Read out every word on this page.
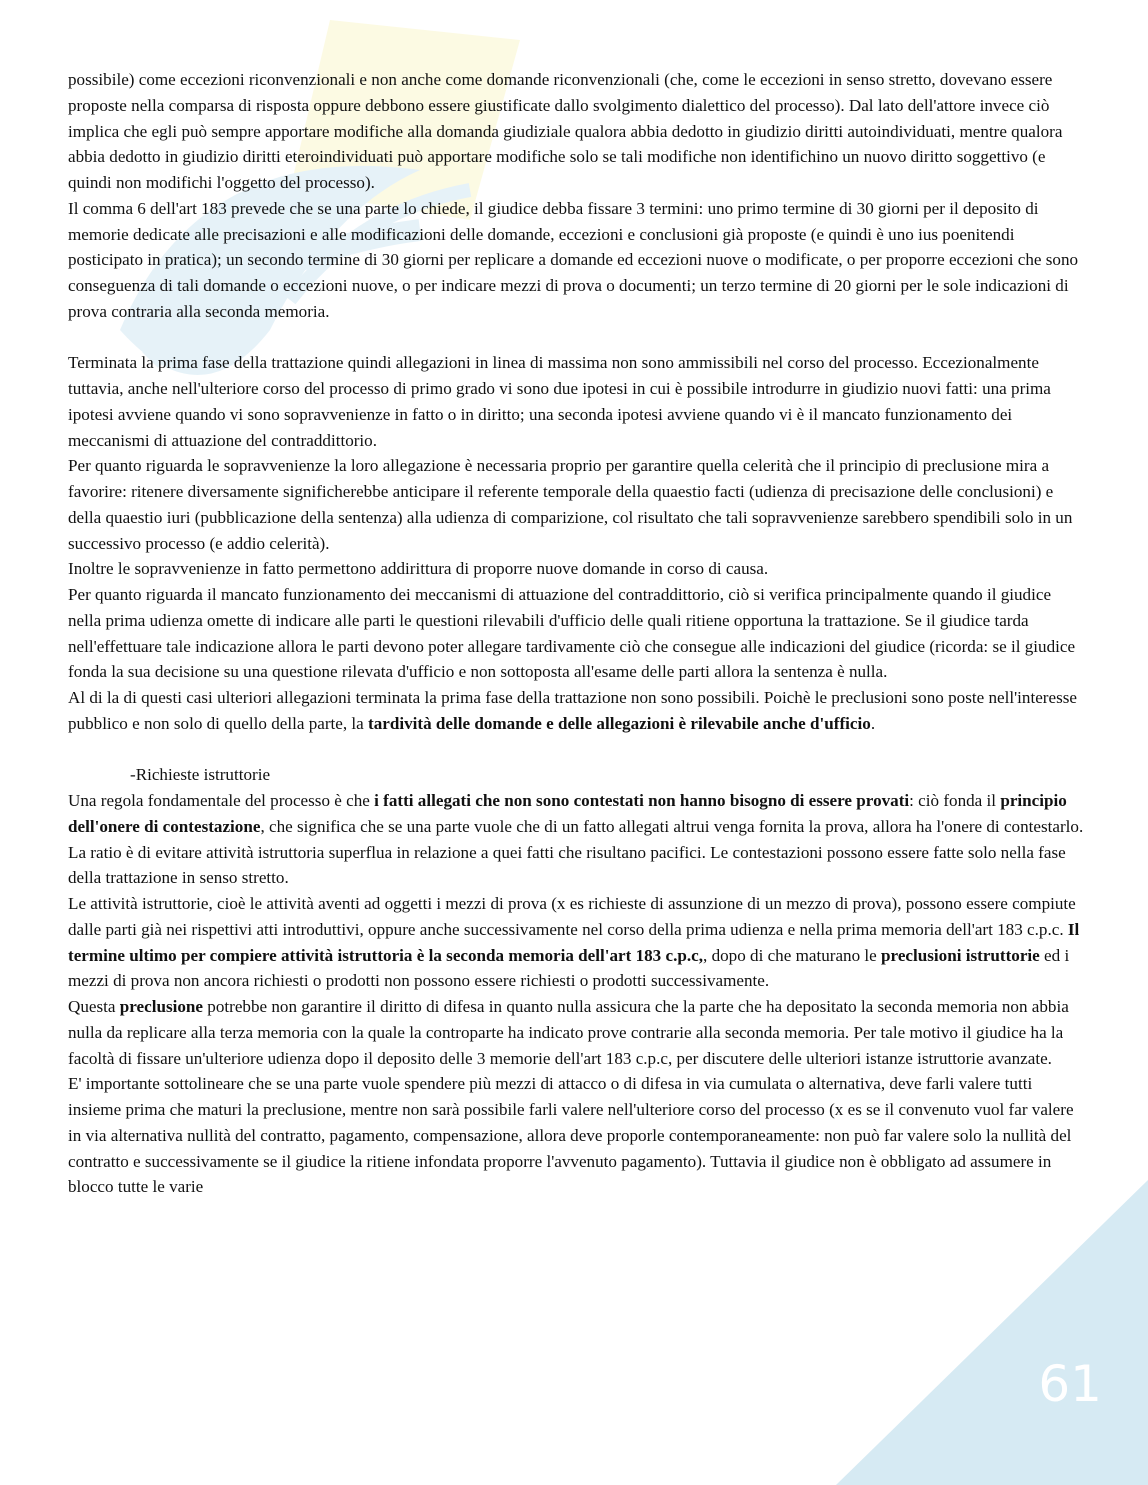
possibile) come eccezioni riconvenzionali e non anche come domande riconvenzionali (che, come le eccezioni in senso stretto, dovevano essere proposte nella comparsa di risposta oppure debbono essere giustificate dallo svolgimento dialettico del processo). Dal lato dell'attore invece ciò implica che egli può sempre apportare modifiche alla domanda giudiziale qualora abbia dedotto in giudizio diritti autoindividuati, mentre qualora abbia dedotto in giudizio diritti eteroindividuati può apportare modifiche solo se tali modifiche non identifichino un nuovo diritto soggettivo (e quindi non modifichi l'oggetto del processo).

Il comma 6 dell'art 183 prevede che se una parte lo chiede, il giudice debba fissare 3 termini: uno primo termine di 30 giorni per il deposito di memorie dedicate alle precisazioni e alle modificazioni delle domande, eccezioni e conclusioni già proposte (e quindi è uno ius poenitendi posticipato in pratica); un secondo termine di 30 giorni per replicare a domande ed eccezioni nuove o modificate, o per proporre eccezioni che sono conseguenza di tali domande o eccezioni nuove, o per indicare mezzi di prova o documenti; un terzo termine di 20 giorni per le sole indicazioni di prova contraria alla seconda memoria.

Terminata la prima fase della trattazione quindi allegazioni in linea di massima non sono ammissibili nel corso del processo. Eccezionalmente tuttavia, anche nell'ulteriore corso del processo di primo grado vi sono due ipotesi in cui è possibile introdurre in giudizio nuovi fatti: una prima ipotesi avviene quando vi sono sopravvenienze in fatto o in diritto; una seconda ipotesi avviene quando vi è il mancato funzionamento dei meccanismi di attuazione del contraddittorio.

Per quanto riguarda le sopravvenienze la loro allegazione è necessaria proprio per garantire quella celerità che il principio di preclusione mira a favorire: ritenere diversamente significherebbe anticipare il referente temporale della quaestio facti (udienza di precisazione delle conclusioni) e della quaestio iuri (pubblicazione della sentenza) alla udienza di comparizione, col risultato che tali sopravvenienze sarebbero spendibili solo in un successivo processo (e addio celerità).

Inoltre le sopravvenienze in fatto permettono addirittura di proporre nuove domande in corso di causa.

Per quanto riguarda il mancato funzionamento dei meccanismi di attuazione del contraddittorio, ciò si verifica principalmente quando il giudice nella prima udienza omette di indicare alle parti le questioni rilevabili d'ufficio delle quali ritiene opportuna la trattazione. Se il giudice tarda nell'effettuare tale indicazione allora le parti devono poter allegare tardivamente ciò che consegue alle indicazioni del giudice (ricorda: se il giudice fonda la sua decisione su una questione rilevata d'ufficio e non sottoposta all'esame delle parti allora la sentenza è nulla.

Al di la di questi casi ulteriori allegazioni terminata la prima fase della trattazione non sono possibili. Poichè le preclusioni sono poste nell'interesse pubblico e non solo di quello della parte, la tardività delle domande e delle allegazioni è rilevabile anche d'ufficio.

-Richieste istruttorie

Una regola fondamentale del processo è che i fatti allegati che non sono contestati non hanno bisogno di essere provati: ciò fonda il principio dell'onere di contestazione, che significa che se una parte vuole che di un fatto allegati altrui venga fornita la prova, allora ha l'onere di contestarlo. La ratio è di evitare attività istruttoria superflua in relazione a quei fatti che risultano pacifici. Le contestazioni possono essere fatte solo nella fase della trattazione in senso stretto.

Le attività istruttorie, cioè le attività aventi ad oggetti i mezzi di prova (x es richieste di assunzione di un mezzo di prova), possono essere compiute dalle parti già nei rispettivi atti introduttivi, oppure anche successivamente nel corso della prima udienza e nella prima memoria dell'art 183 c.p.c. Il termine ultimo per compiere attività istruttoria è la seconda memoria dell'art 183 c.p.c,, dopo di che maturano le preclusioni istruttorie ed i mezzi di prova non ancora richiesti o prodotti non possono essere richiesti o prodotti successivamente.

Questa preclusione potrebbe non garantire il diritto di difesa in quanto nulla assicura che la parte che ha depositato la seconda memoria non abbia nulla da replicare alla terza memoria con la quale la controparte ha indicato prove contrarie alla seconda memoria. Per tale motivo il giudice ha la facoltà di fissare un'ulteriore udienza dopo il deposito delle 3 memorie dell'art 183 c.p.c, per discutere delle ulteriori istanze istruttorie avanzate.

E' importante sottolineare che se una parte vuole spendere più mezzi di attacco o di difesa in via cumulata o alternativa, deve farli valere tutti insieme prima che maturi la preclusione, mentre non sarà possibile farli valere nell'ulteriore corso del processo (x es se il convenuto vuol far valere in via alternativa nullità del contratto, pagamento, compensazione, allora deve proporle contemporaneamente: non può far valere solo la nullità del contratto e successivamente se il giudice la ritiene infondata proporre l'avvenuto pagamento). Tuttavia il giudice non è obbligato ad assumere in blocco tutte le varie

61
